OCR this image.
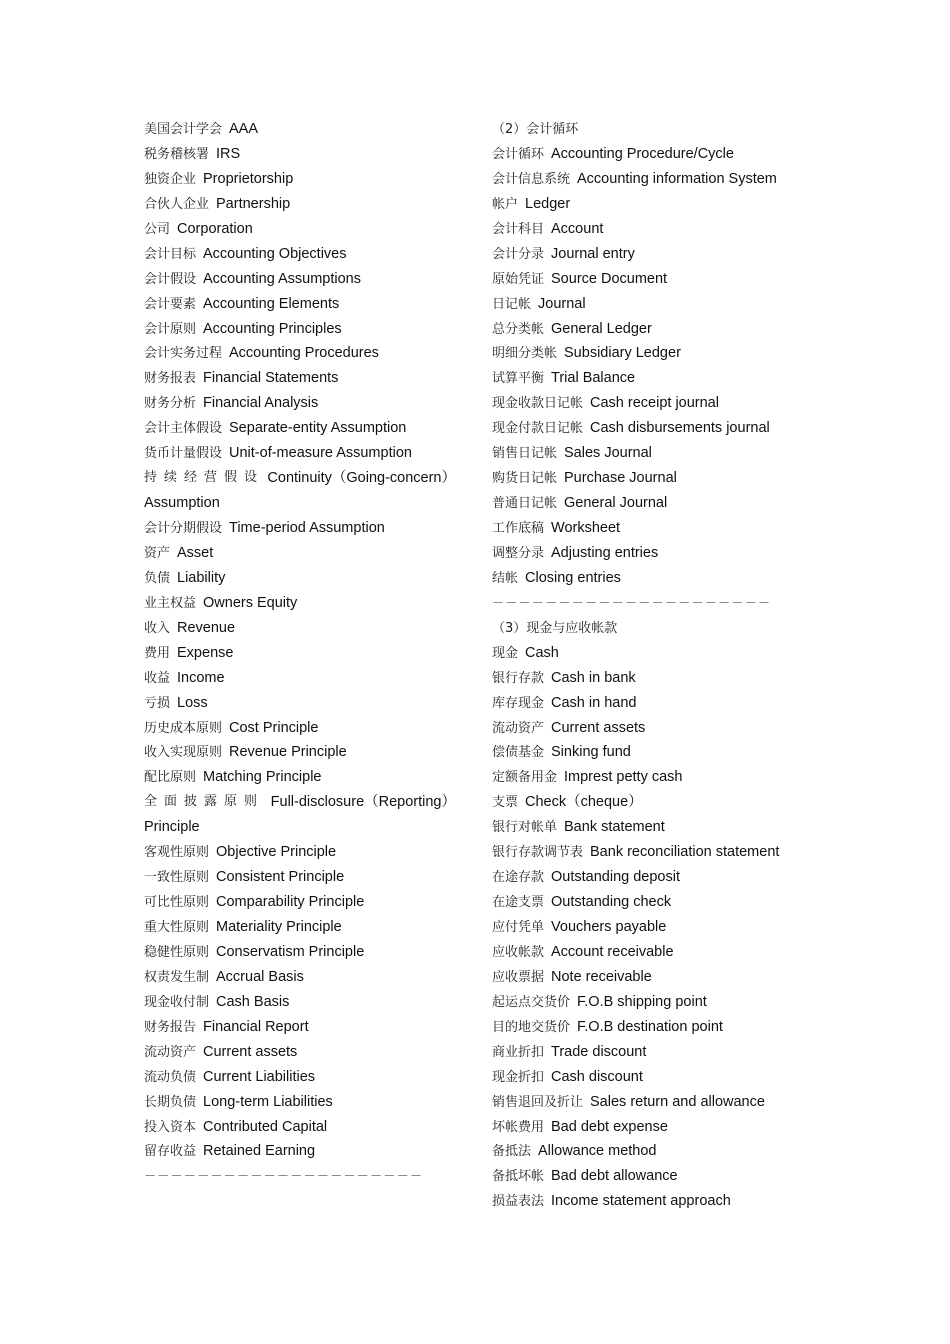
美国会计学会 AAA
税务稽核署 IRS
独资企业 Proprietorship
合伙人企业 Partnership
公司 Corporation
会计目标 Accounting Objectives
会计假设 Accounting Assumptions
会计要素 Accounting Elements
会计原则 Accounting Principles
会计实务过程 Accounting Procedures
财务报表 Financial Statements
财务分析 Financial Analysis
会计主体假设 Separate-entity Assumption
货币计量假设 Unit-of-measure Assumption
持续经营假设 Continuity（Going-concern）
Assumption
会计分期假设 Time-period Assumption
资产 Asset
负债 Liability
业主权益 Owners Equity
收入 Revenue
费用 Expense
收益 Income
亏损 Loss
历史成本原则 Cost Principle
收入实现原则 Revenue Principle
配比原则 Matching Principle
全面披露原则 Full-disclosure（Reporting）
Principle
客观性原则 Objective Principle
一致性原则 Consistent Principle
可比性原则 Comparability Principle
重大性原则 Materiality Principle
稳健性原则 Conservatism Principle
权责发生制 Accrual Basis
现金收付制 Cash Basis
财务报告 Financial Report
流动资产 Current assets
流动负债 Current Liabilities
长期负债 Long-term Liabilities
投入资本 Contributed Capital
留存收益 Retained Earning
－－－－－－－－－－－－－－－－－－－－－
（2）会计循环
会计循环 Accounting Procedure/Cycle
会计信息系统 Accounting information System
帐户 Ledger
会计科目 Account
会计分录 Journal entry
原始凭证 Source Document
日记帐 Journal
总分类帐 General Ledger
明细分类帐 Subsidiary Ledger
试算平衡 Trial Balance
现金收款日记帐 Cash receipt journal
现金付款日记帐 Cash disbursements journal
销售日记帐 Sales Journal
购货日记帐 Purchase Journal
普通日记帐 General Journal
工作底稿 Worksheet
调整分录 Adjusting entries
结帐 Closing entries
－－－－－－－－－－－－－－－－－－－－－
（3）现金与应收帐款
现金 Cash
银行存款 Cash in bank
库存现金 Cash in hand
流动资产 Current assets
偿债基金 Sinking fund
定额备用金 Imprest petty cash
支票 Check（cheque）
银行对帐单 Bank statement
银行存款调节表 Bank reconciliation statement
在途存款 Outstanding deposit
在途支票 Outstanding check
应付凭单 Vouchers payable
应收帐款 Account receivable
应收票据 Note receivable
起运点交货价 F.O.B shipping point
目的地交货价 F.O.B destination point
商业折扣 Trade discount
现金折扣 Cash discount
销售退回及折让 Sales return and allowance
坏帐费用 Bad debt expense
备抵法 Allowance method
备抵坏帐 Bad debt allowance
损益表法 Income statement approach
